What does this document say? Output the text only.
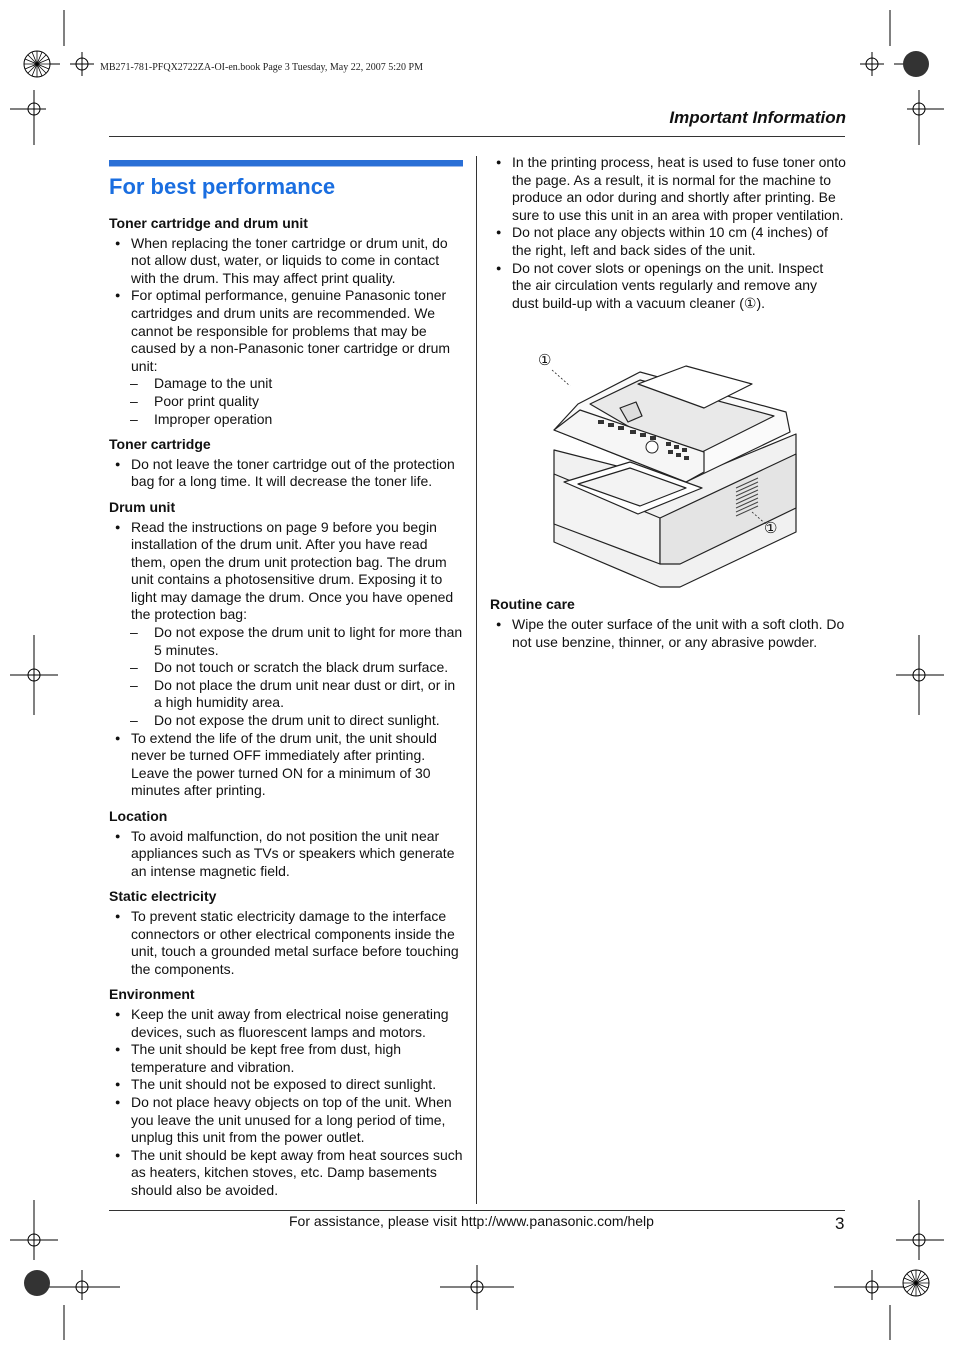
MB271-781-PFQX2722ZA-OI-en.book Page 3 Tuesday, May 22, 2007 5:20 PM
Important Information
For best performance
Toner cartridge and drum unit
● When replacing the toner cartridge or drum unit, do not allow dust, water, or liquids to come in contact with the drum. This may affect print quality.
● For optimal performance, genuine Panasonic toner cartridges and drum units are recommended. We cannot be responsible for problems that may be caused by a non-Panasonic toner cartridge or drum unit:
– Damage to the unit
– Poor print quality
– Improper operation
Toner cartridge
● Do not leave the toner cartridge out of the protection bag for a long time. It will decrease the toner life.
Drum unit
● Read the instructions on page 9 before you begin installation of the drum unit. After you have read them, open the drum unit protection bag. The drum unit contains a photosensitive drum. Exposing it to light may damage the drum. Once you have opened the protection bag:
– Do not expose the drum unit to light for more than 5 minutes.
– Do not touch or scratch the black drum surface.
– Do not place the drum unit near dust or dirt, or in a high humidity area.
– Do not expose the drum unit to direct sunlight.
● To extend the life of the drum unit, the unit should never be turned OFF immediately after printing. Leave the power turned ON for a minimum of 30 minutes after printing.
Location
● To avoid malfunction, do not position the unit near appliances such as TVs or speakers which generate an intense magnetic field.
Static electricity
● To prevent static electricity damage to the interface connectors or other electrical components inside the unit, touch a grounded metal surface before touching the components.
Environment
● Keep the unit away from electrical noise generating devices, such as fluorescent lamps and motors.
● The unit should be kept free from dust, high temperature and vibration.
● The unit should not be exposed to direct sunlight.
● Do not place heavy objects on top of the unit. When you leave the unit unused for a long period of time, unplug this unit from the power outlet.
● The unit should be kept away from heat sources such as heaters, kitchen stoves, etc. Damp basements should also be avoided.
● In the printing process, heat is used to fuse toner onto the page. As a result, it is normal for the machine to produce an odor during and shortly after printing. Be sure to use this unit in an area with proper ventilation.
● Do not place any objects within 10 cm (4 inches) of the right, left and back sides of the unit.
● Do not cover slots or openings on the unit. Inspect the air circulation vents regularly and remove any dust build-up with a vacuum cleaner (①).
①
①
Routine care
● Wipe the outer surface of the unit with a soft cloth. Do not use benzine, thinner, or any abrasive powder.
For assistance, please visit http://www.panasonic.com/help	3
